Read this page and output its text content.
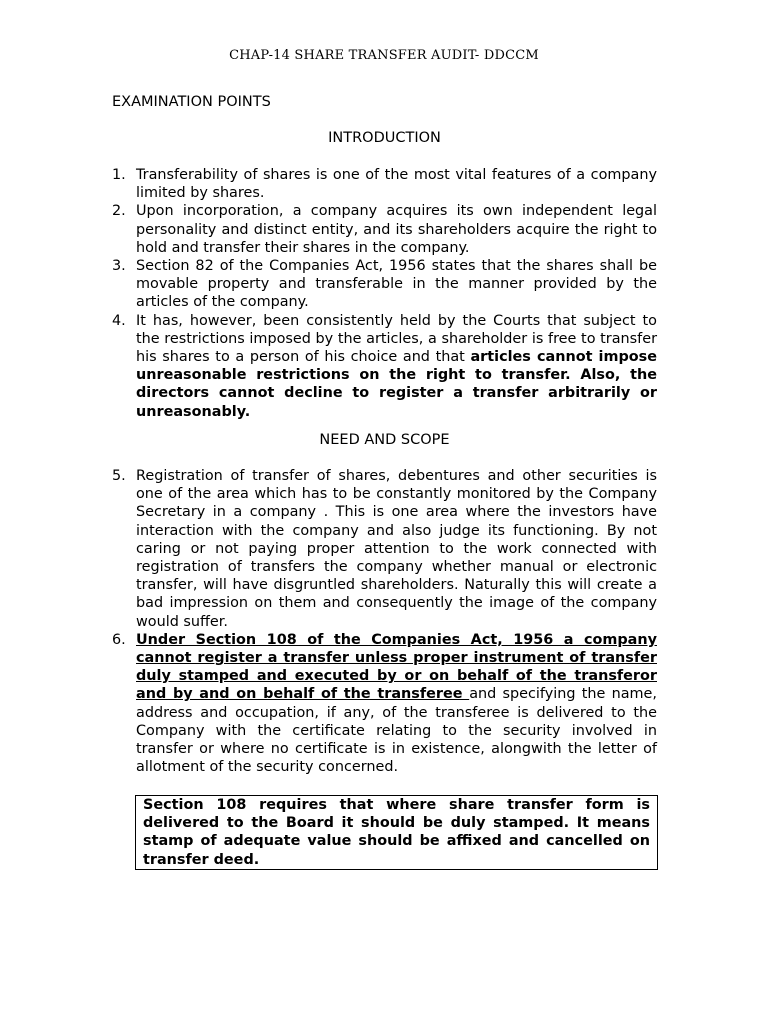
CHAP-14 SHARE TRANSFER AUDIT- DDCCM
EXAMINATION POINTS
INTRODUCTION
1. Transferability of shares is one of the most vital features of a company limited by shares.
2. Upon incorporation, a company acquires its own independent legal personality and distinct entity, and its shareholders acquire the right to hold and transfer their shares in the company.
3. Section 82 of the Companies Act, 1956 states that the shares shall be movable property and transferable in the manner provided by the articles of the company.
4. It has, however, been consistently held by the Courts that subject to the restrictions imposed by the articles, a shareholder is free to transfer his shares to a person of his choice and that articles cannot impose unreasonable restrictions on the right to transfer. Also, the directors cannot decline to register a transfer arbitrarily or unreasonably.
NEED AND SCOPE
5. Registration of transfer of shares, debentures and other securities is one of the area which has to be constantly monitored by the Company Secretary in a company . This is one area where the investors have interaction with the company and also judge its functioning. By not caring or not paying proper attention to the work connected with registration of transfers the company whether manual or electronic transfer, will have disgruntled shareholders. Naturally this will create a bad impression on them and consequently the image of the company would suffer.
6. Under Section 108 of the Companies Act, 1956 a company cannot register a transfer unless proper instrument of transfer duly stamped and executed by or on behalf of the transferor and by and on behalf of the transferee and specifying the name, address and occupation, if any, of the transferee is delivered to the Company with the certificate relating to the security involved in transfer or where no certificate is in existence, alongwith the letter of allotment of the security concerned.
Section 108 requires that where share transfer form is delivered to the Board it should be duly stamped. It means stamp of adequate value should be affixed and cancelled on transfer deed.
